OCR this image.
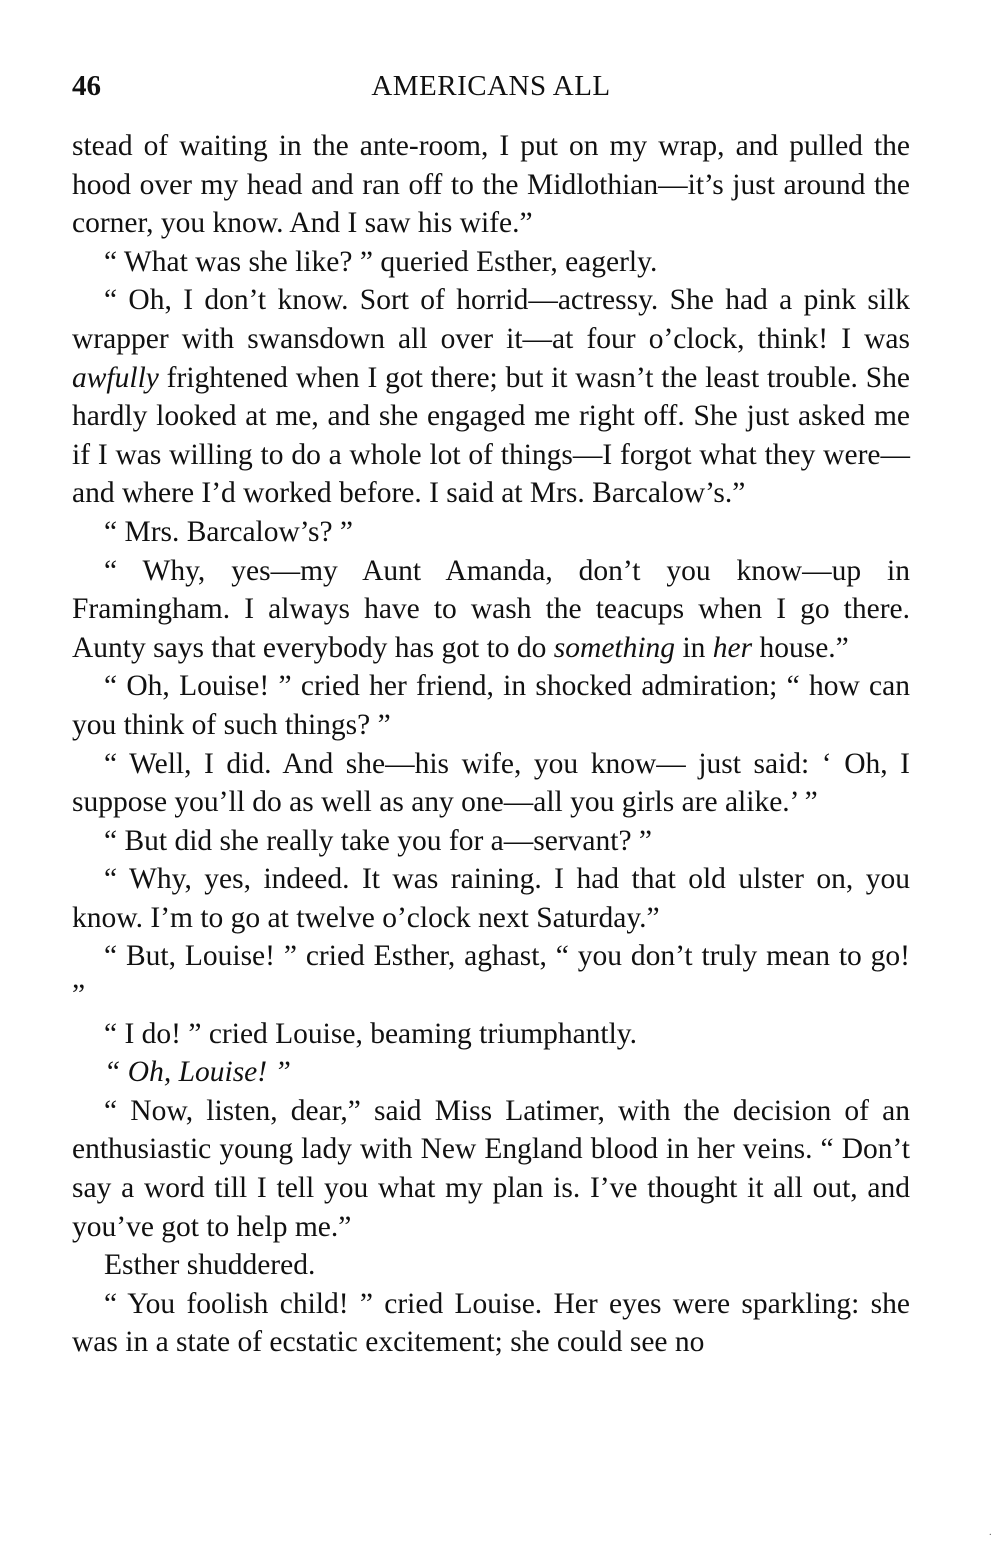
46	AMERICANS ALL

stead of waiting in the ante-room, I put on my wrap, and pulled the hood over my head and ran off to the Midlothian—it’s just around the corner, you know. And I saw his wife.”

“ What was she like? ” queried Esther, eagerly.

“ Oh, I don’t know. Sort of horrid—actressy. She had a pink silk wrapper with swansdown all over it—at four o’clock, think! I was awfully frightened when I got there; but it wasn’t the least trouble. She hardly looked at me, and she engaged me right off. She just asked me if I was willing to do a whole lot of things—I forgot what they were—and where I’d worked before. I said at Mrs. Barcalow’s.”

“ Mrs. Barcalow’s? ”

“ Why, yes—my Aunt Amanda, don’t you know—up in Framingham. I always have to wash the teacups when I go there. Aunty says that everybody has got to do something in her house.”

“ Oh, Louise! ” cried her friend, in shocked admiration; “ how can you think of such things? ”

“ Well, I did. And she—his wife, you know— just said: ‘ Oh, I suppose you’ll do as well as any one—all you girls are alike.’ ”

“ But did she really take you for a—servant? ”

“ Why, yes, indeed. It was raining. I had that old ulster on, you know. I’m to go at twelve o’clock next Saturday.”

“ But, Louise! ” cried Esther, aghast, “ you don’t truly mean to go! ”

“ I do! ” cried Louise, beaming triumphantly.

“ Oh, Louise! ”

“ Now, listen, dear,” said Miss Latimer, with the decision of an enthusiastic young lady with New England blood in her veins. “ Don’t say a word till I tell you what my plan is. I’ve thought it all out, and you’ve got to help me.”

Esther shuddered.

“ You foolish child! ” cried Louise. Her eyes were sparkling: she was in a state of ecstatic excitement; she could see no

·
